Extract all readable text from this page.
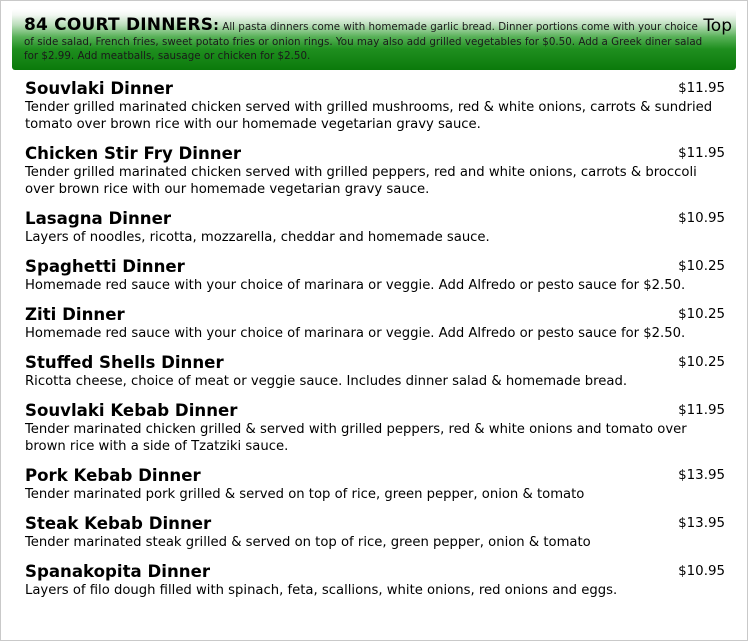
84 COURT DINNERS: All pasta dinners come with homemade garlic bread. Dinner portions come with your choice of side salad, French fries, sweet potato fries or onion rings. You may also add grilled vegetables for $0.50. Add a Greek diner salad for $2.99. Add meatballs, sausage or chicken for $2.50.
Top
Souvlaki Dinner	$11.95
Tender grilled marinated chicken served with grilled mushrooms, red & white onions, carrots & sundried tomato over brown rice with our homemade vegetarian gravy sauce.
Chicken Stir Fry Dinner	$11.95
Tender grilled marinated chicken served with grilled peppers, red and white onions, carrots & broccoli over brown rice with our homemade vegetarian gravy sauce.
Lasagna Dinner	$10.95
Layers of noodles, ricotta, mozzarella, cheddar and homemade sauce.
Spaghetti Dinner	$10.25
Homemade red sauce with your choice of marinara or veggie. Add Alfredo or pesto sauce for $2.50.
Ziti Dinner	$10.25
Homemade red sauce with your choice of marinara or veggie. Add Alfredo or pesto sauce for $2.50.
Stuffed Shells Dinner	$10.25
Ricotta cheese, choice of meat or veggie sauce. Includes dinner salad & homemade bread.
Souvlaki Kebab Dinner	$11.95
Tender marinated chicken grilled & served with grilled peppers, red & white onions and tomato over brown rice with a side of Tzatziki sauce.
Pork Kebab Dinner	$13.95
Tender marinated pork grilled & served on top of rice, green pepper, onion & tomato
Steak Kebab Dinner	$13.95
Tender marinated steak grilled & served on top of rice, green pepper, onion & tomato
Spanakopita Dinner	$10.95
Layers of filo dough filled with spinach, feta, scallions, white onions, red onions and eggs.
